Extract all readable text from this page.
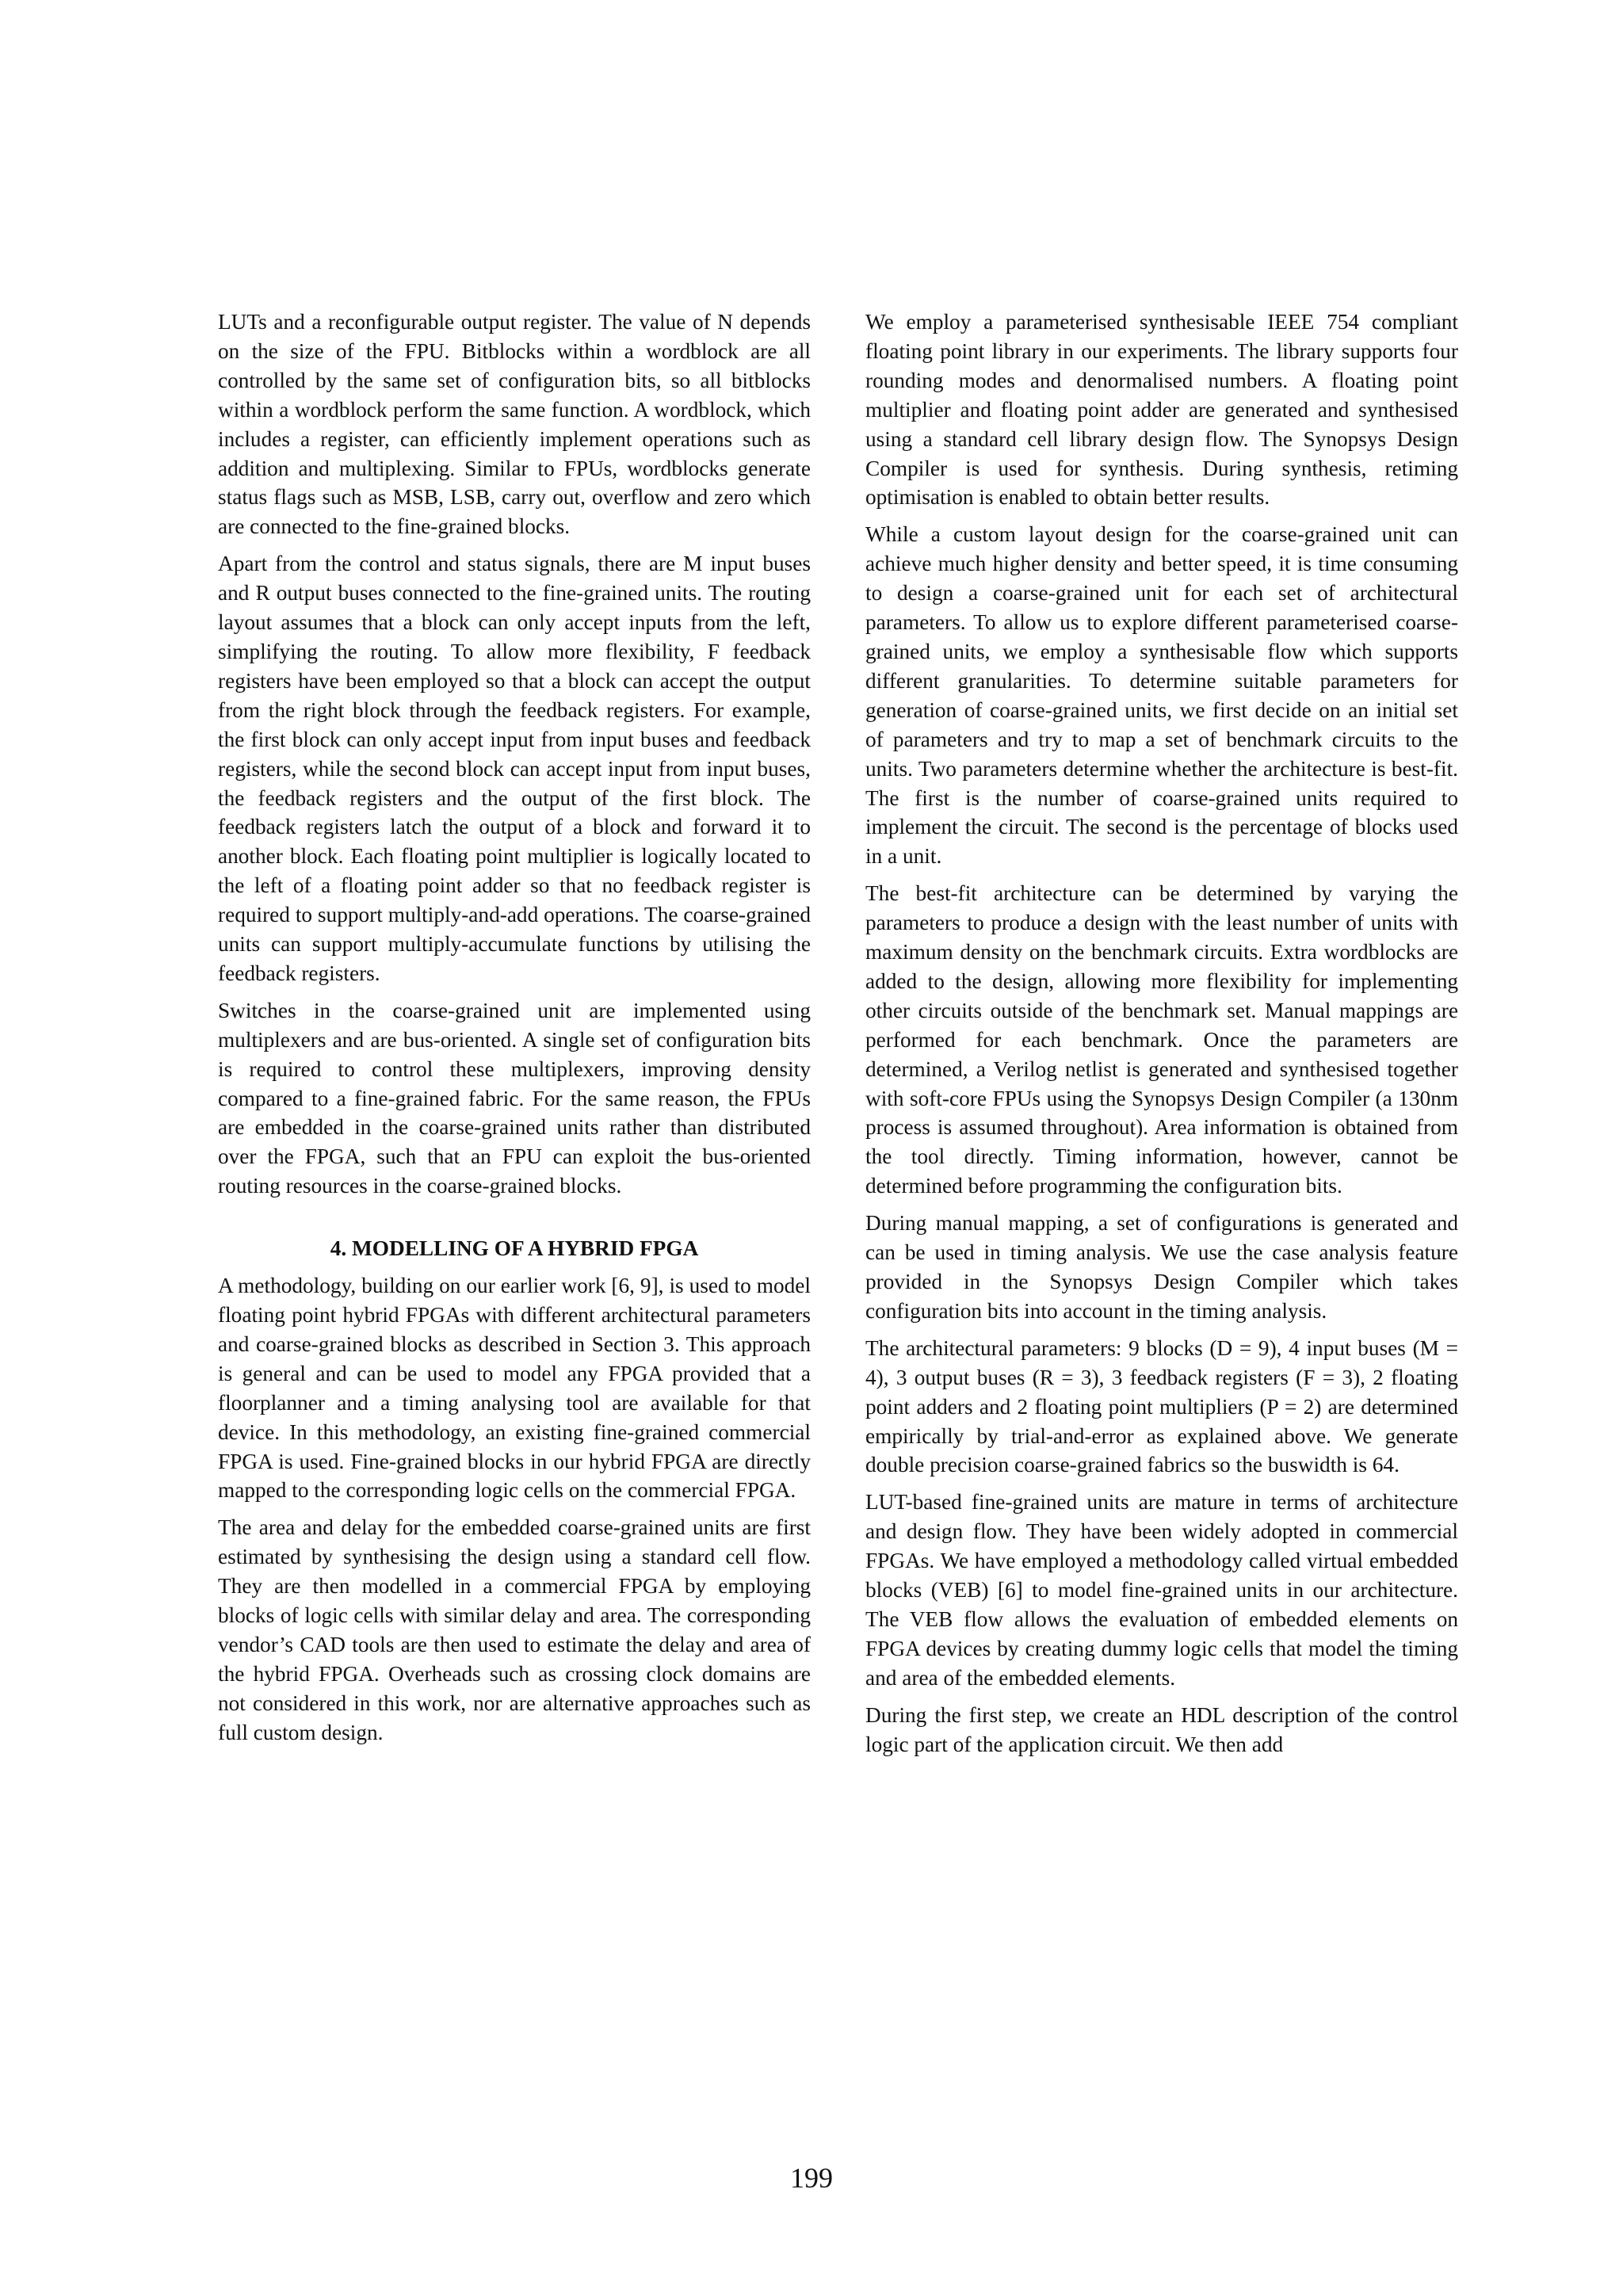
LUTs and a reconfigurable output register. The value of N depends on the size of the FPU. Bitblocks within a wordblock are all controlled by the same set of configuration bits, so all bitblocks within a wordblock perform the same function. A wordblock, which includes a register, can efficiently implement operations such as addition and multiplexing. Similar to FPUs, wordblocks generate status flags such as MSB, LSB, carry out, overflow and zero which are connected to the fine-grained blocks.

Apart from the control and status signals, there are M input buses and R output buses connected to the fine-grained units. The routing layout assumes that a block can only accept inputs from the left, simplifying the routing. To allow more flexibility, F feedback registers have been employed so that a block can accept the output from the right block through the feedback registers. For example, the first block can only accept input from input buses and feedback registers, while the second block can accept input from input buses, the feedback registers and the output of the first block. The feedback registers latch the output of a block and forward it to another block. Each floating point multiplier is logically located to the left of a floating point adder so that no feedback register is required to support multiply-and-add operations. The coarse-grained units can support multiply-accumulate functions by utilising the feedback registers.

Switches in the coarse-grained unit are implemented using multiplexers and are bus-oriented. A single set of configuration bits is required to control these multiplexers, improving density compared to a fine-grained fabric. For the same reason, the FPUs are embedded in the coarse-grained units rather than distributed over the FPGA, such that an FPU can exploit the bus-oriented routing resources in the coarse-grained blocks.

4. MODELLING OF A HYBRID FPGA

A methodology, building on our earlier work [6, 9], is used to model floating point hybrid FPGAs with different architectural parameters and coarse-grained blocks as described in Section 3. This approach is general and can be used to model any FPGA provided that a floorplanner and a timing analysing tool are available for that device. In this methodology, an existing fine-grained commercial FPGA is used. Fine-grained blocks in our hybrid FPGA are directly mapped to the corresponding logic cells on the commercial FPGA.

The area and delay for the embedded coarse-grained units are first estimated by synthesising the design using a standard cell flow. They are then modelled in a commercial FPGA by employing blocks of logic cells with similar delay and area. The corresponding vendor’s CAD tools are then used to estimate the delay and area of the hybrid FPGA. Overheads such as crossing clock domains are not considered in this work, nor are alternative approaches such as full custom design.

We employ a parameterised synthesisable IEEE 754 compliant floating point library in our experiments. The library supports four rounding modes and denormalised numbers. A floating point multiplier and floating point adder are generated and synthesised using a standard cell library design flow. The Synopsys Design Compiler is used for synthesis. During synthesis, retiming optimisation is enabled to obtain better results.

While a custom layout design for the coarse-grained unit can achieve much higher density and better speed, it is time consuming to design a coarse-grained unit for each set of architectural parameters. To allow us to explore different parameterised coarse-grained units, we employ a synthesisable flow which supports different granularities. To determine suitable parameters for generation of coarse-grained units, we first decide on an initial set of parameters and try to map a set of benchmark circuits to the units. Two parameters determine whether the architecture is best-fit. The first is the number of coarse-grained units required to implement the circuit. The second is the percentage of blocks used in a unit.

The best-fit architecture can be determined by varying the parameters to produce a design with the least number of units with maximum density on the benchmark circuits. Extra wordblocks are added to the design, allowing more flexibility for implementing other circuits outside of the benchmark set. Manual mappings are performed for each benchmark. Once the parameters are determined, a Verilog netlist is generated and synthesised together with soft-core FPUs using the Synopsys Design Compiler (a 130nm process is assumed throughout). Area information is obtained from the tool directly. Timing information, however, cannot be determined before programming the configuration bits.

During manual mapping, a set of configurations is generated and can be used in timing analysis. We use the case analysis feature provided in the Synopsys Design Compiler which takes configuration bits into account in the timing analysis.

The architectural parameters: 9 blocks (D = 9), 4 input buses (M = 4), 3 output buses (R = 3), 3 feedback registers (F = 3), 2 floating point adders and 2 floating point multipliers (P = 2) are determined empirically by trial-and-error as explained above. We generate double precision coarse-grained fabrics so the buswidth is 64.

LUT-based fine-grained units are mature in terms of architecture and design flow. They have been widely adopted in commercial FPGAs. We have employed a methodology called virtual embedded blocks (VEB) [6] to model fine-grained units in our architecture. The VEB flow allows the evaluation of embedded elements on FPGA devices by creating dummy logic cells that model the timing and area of the embedded elements.

During the first step, we create an HDL description of the control logic part of the application circuit. We then add

199
